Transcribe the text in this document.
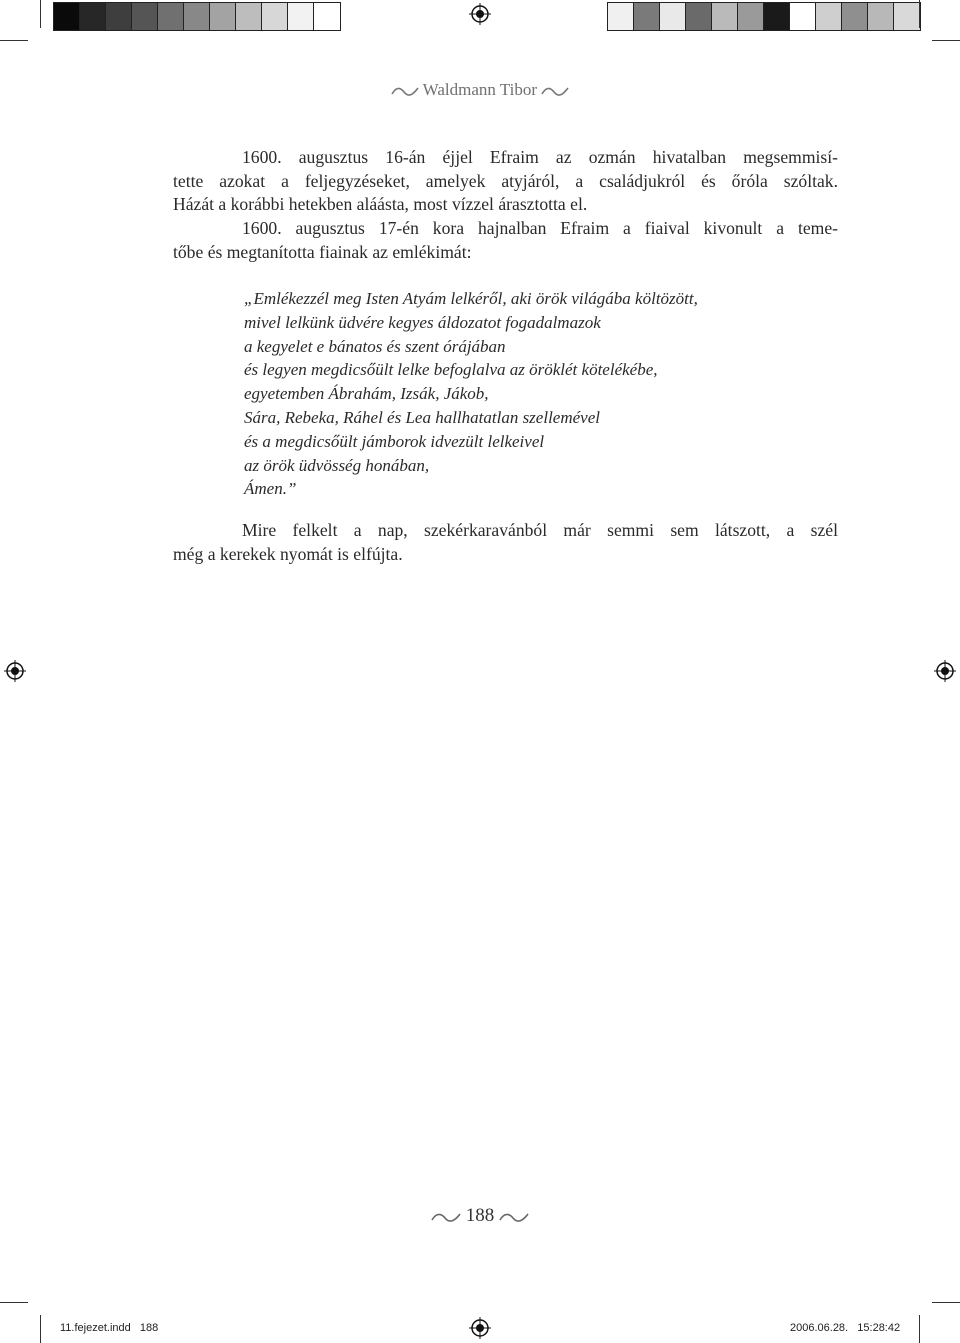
Waldmann Tibor
1600. augusztus 16-án éjjel Efraim az ozmán hivatalban megsemmisí-
tette azokat a feljegyzéseket, amelyek atyjáról, a családjukról és őróla szóltak.
Házát a korábbi hetekben aláásta, most vízzel árasztotta el.
1600. augusztus 17-én kora hajnalban Efraim a fiaival kivonult a teme-
tőbe és megtanította fiainak az emlékimát:
„Emlékezzél meg Isten Atyám lelkéről, aki örök világába költözött,
mivel lelkünk üdvére kegyes áldozatot fogadalmazok
a kegyelet e bánatos és szent órájában
és legyen megdicsőült lelke befoglalva az öröklét kötelékébe,
egyetemben Ábrahám, Izsák, Jákob,
Sára, Rebeka, Ráhel és Lea hallhatatlan szellemével
és a megdicsőült jámborok idvezült lelkeivel
az örök üdvösség honában,
Ámen.”
Mire felkelt a nap, szekérkaravánból már semmi sem látszott, a szél
még a kerekek nyomát is elfújta.
188
11.fejezet.indd   188	2006.06.28.   15:28:42
